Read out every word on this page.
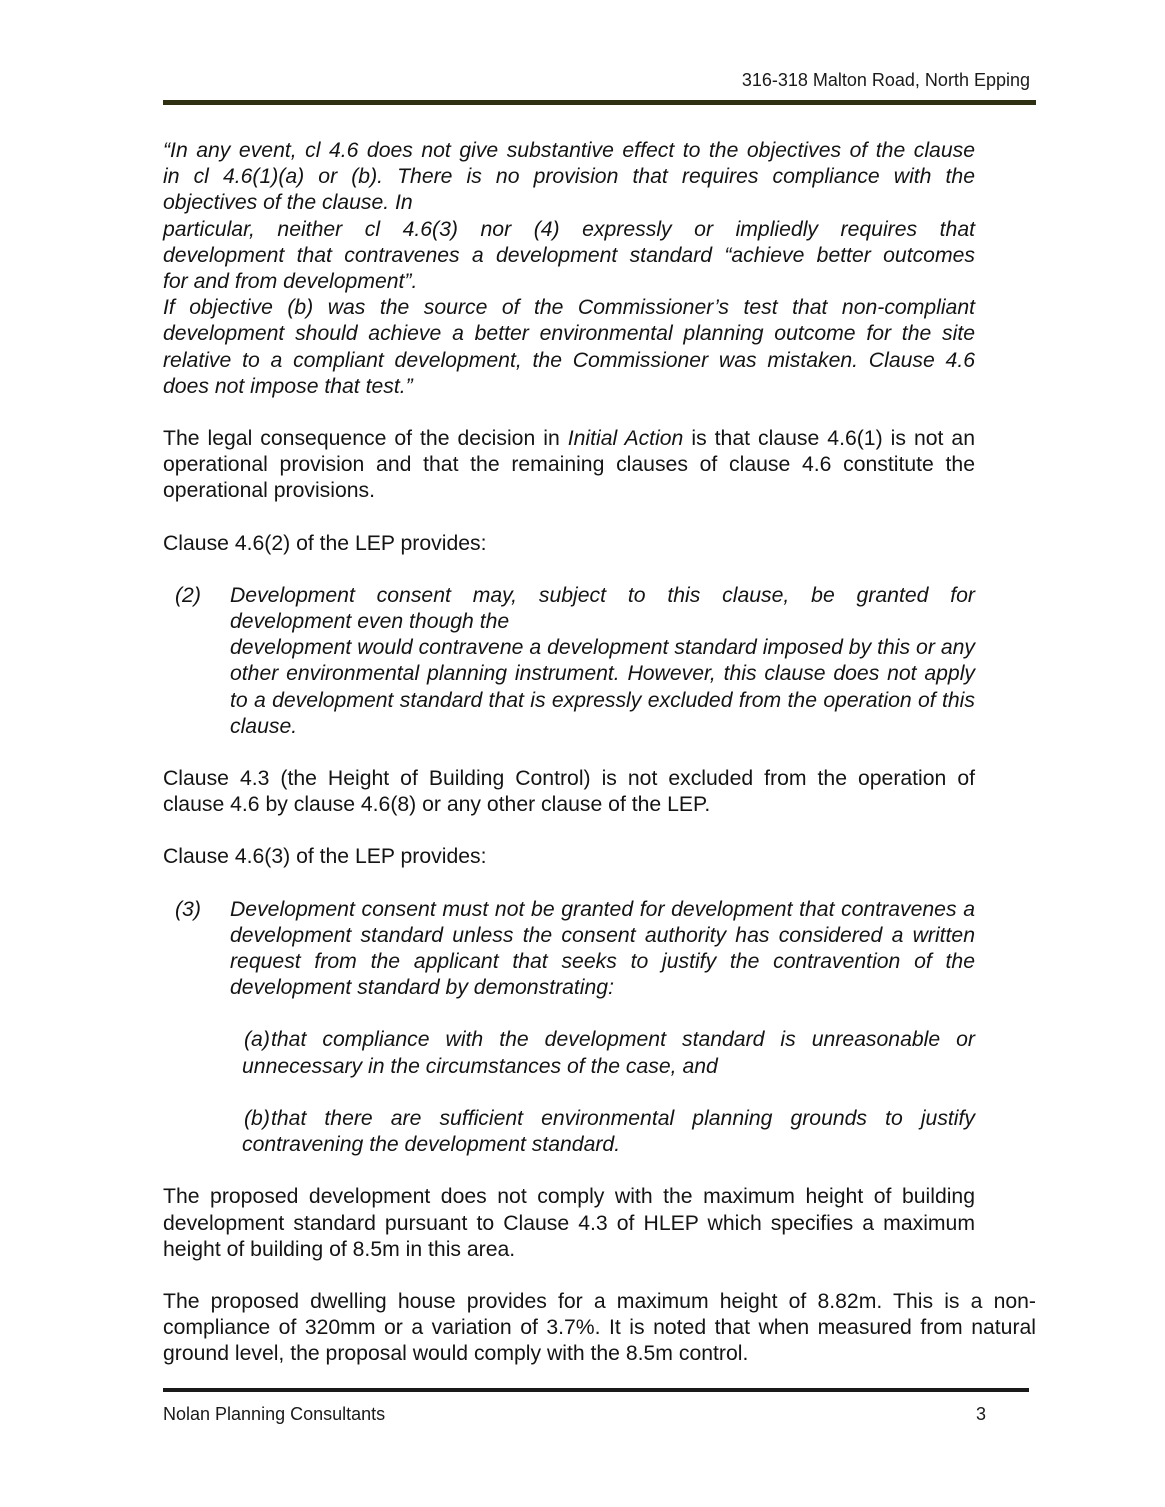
316-318 Malton Road, North Epping

“In any event, cl 4.6 does not give substantive effect to the objectives of the clause

in cl 4.6(1)(a) or (b). There is no provision that requires compliance with the

objectives of the clause. In

particular, neither cl 4.6(3) nor (4) expressly or impliedly requires that

development that contravenes a development standard “achieve better outcomes

for and from development”.

If objective (b) was the source of the Commissioner’s test that non-compliant

development should achieve a better environmental planning outcome for the site

relative to a compliant development, the Commissioner was mistaken. Clause 4.6

does not impose that test.”

The legal consequence of the decision in Initial Action is that clause 4.6(1) is not an operational provision and that the remaining clauses of clause 4.6 constitute the operational provisions.

Clause 4.6(2) of the LEP provides:

(2) Development consent may, subject to this clause, be granted for

development even though the

development would contravene a development standard imposed by this or any other environmental planning instrument. However, this clause does not apply to a development standard that is expressly excluded from the operation of this clause.

Clause 4.3 (the Height of Building Control) is not excluded from the operation of clause 4.6 by clause 4.6(8) or any other clause of the LEP.

Clause 4.6(3) of the LEP provides:

(3) Development consent must not be granted for development that contravenes a development standard unless the consent authority has considered a written request from the applicant that seeks to justify the contravention of the development standard by demonstrating:

(a) that compliance with the development standard is unreasonable or unnecessary in the circumstances of the case, and

(b) that there are sufficient environmental planning grounds to justify contravening the development standard.

The proposed development does not comply with the maximum height of building development standard pursuant to Clause 4.3 of HLEP which specifies a maximum height of building of 8.5m in this area.

The proposed dwelling house provides for a maximum height of 8.82m. This is a non-compliance of 320mm or a variation of 3.7%. It is noted that when measured from natural ground level, the proposal would comply with the 8.5m control.

Nolan Planning Consultants	3
